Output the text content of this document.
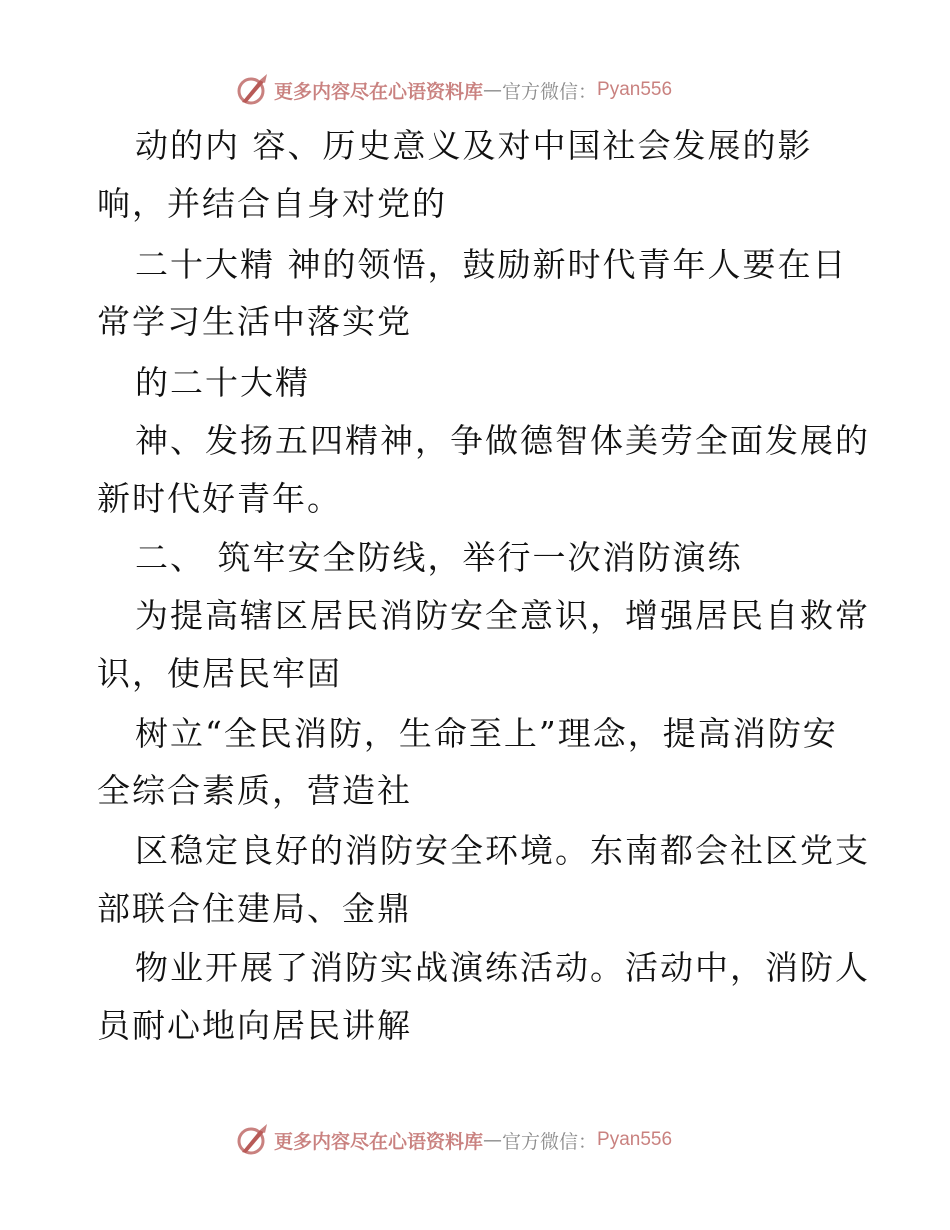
更多内容尽在心语资料库 — 官方微信： Pyan556
动的内 容、历史意义及对中国社会发展的影
响，并结合自身对党的
二十大精 神的领悟，鼓励新时代青年人要在日
常学习生活中落实党
的二十大精
神、发扬五四精神，争做德智体美劳全面发展的
新时代好青年。
二、 筑牢安全防线，举行一次消防演练
为提高辖区居民消防安全意识，增强居民自救常
识，使居民牢固
树立“全民消防，生命至上”理念，提高消防安
全综合素质，营造社
区稳定良好的消防安全环境。东南都会社区党支
部联合住建局、金鼎
物业开展了消防实战演练活动。活动中，消防人
员耐心地向居民讲解
更多内容尽在心语资料库 — 官方微信： Pyan556
